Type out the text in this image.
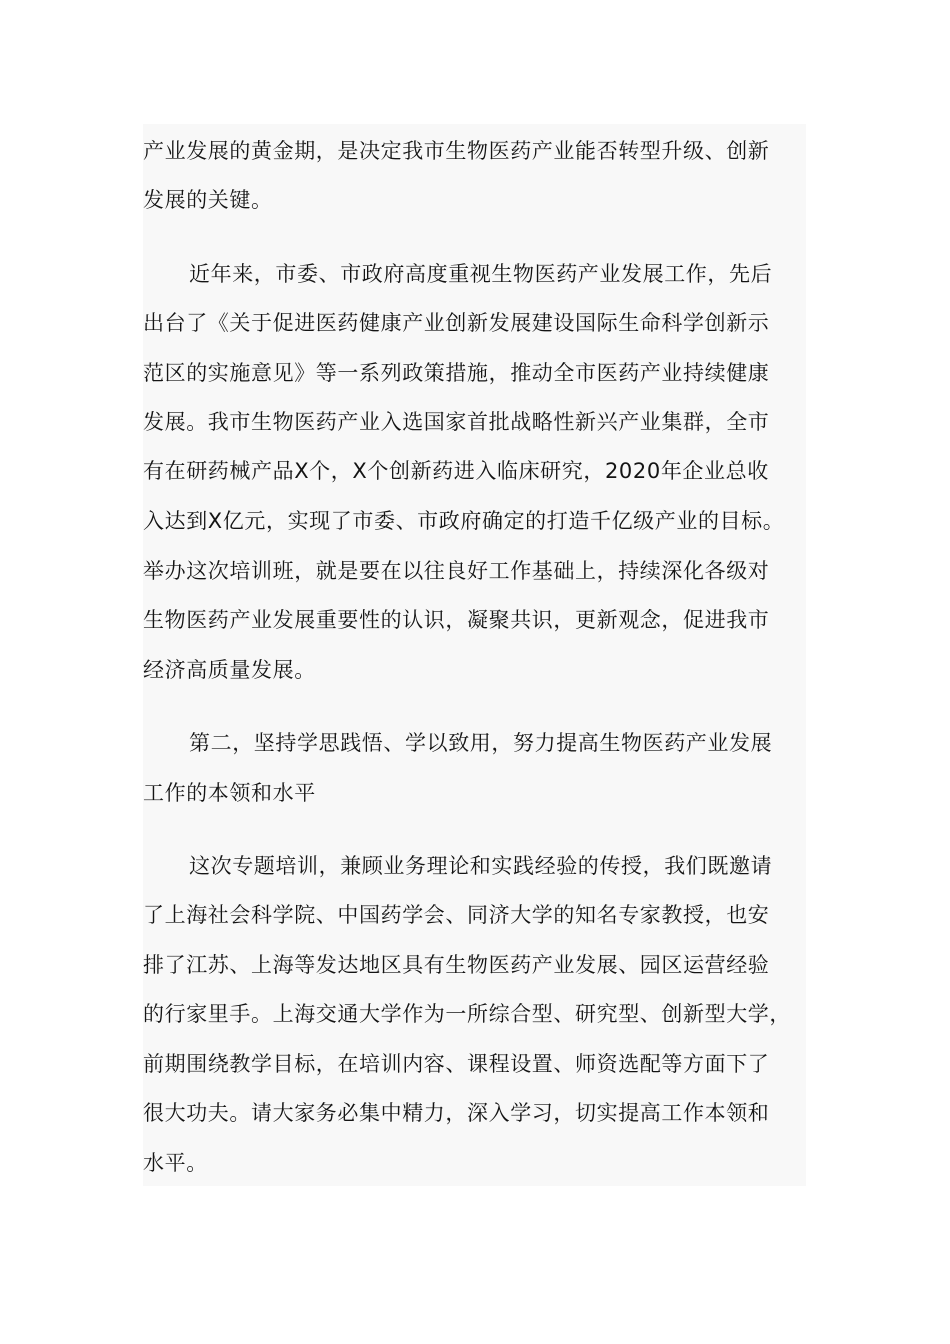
产业发展的黄金期，是决定我市生物医药产业能否转型升级、创新

发展的关键。

近年来，市委、市政府高度重视生物医药产业发展工作，先后

出台了《关于促进医药健康产业创新发展建设国际生命科学创新示

范区的实施意见》等一系列政策措施，推动全市医药产业持续健康

发展。我市生物医药产业入选国家首批战略性新兴产业集群，全市

有在研药械产品X个，X个创新药进入临床研究，2020年企业总收

入达到X亿元，实现了市委、市政府确定的打造千亿级产业的目标。

举办这次培训班，就是要在以往良好工作基础上，持续深化各级对

生物医药产业发展重要性的认识，凝聚共识，更新观念，促进我市

经济高质量发展。

第二，坚持学思践悟、学以致用，努力提高生物医药产业发展

工作的本领和水平

这次专题培训，兼顾业务理论和实践经验的传授，我们既邀请

了上海社会科学院、中国药学会、同济大学的知名专家教授，也安

排了江苏、上海等发达地区具有生物医药产业发展、园区运营经验

的行家里手。上海交通大学作为一所综合型、研究型、创新型大学，

前期围绕教学目标，在培训内容、课程设置、师资选配等方面下了

很大功夫。请大家务必集中精力，深入学习，切实提高工作本领和

水平。
